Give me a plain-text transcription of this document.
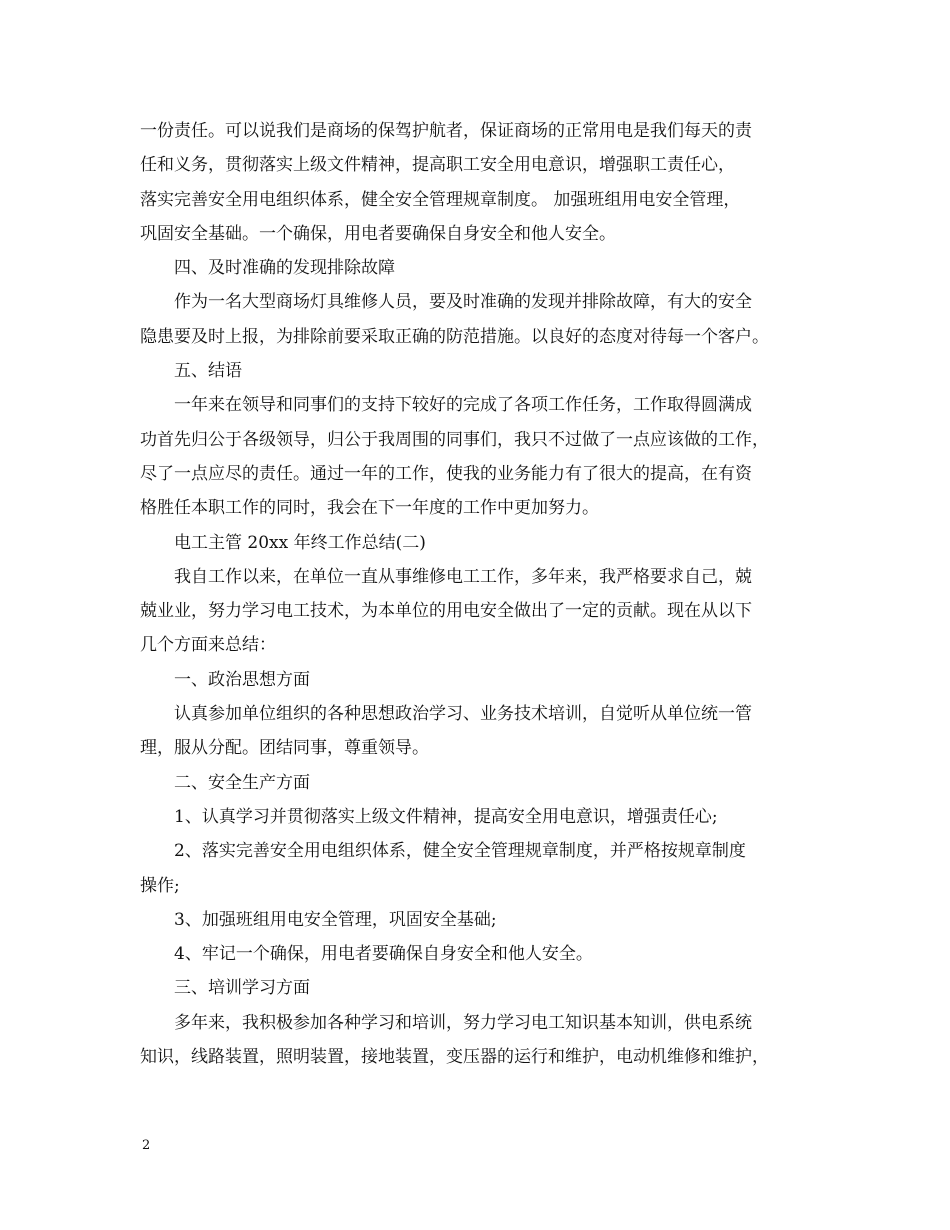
一份责任。可以说我们是商场的保驾护航者，保证商场的正常用电是我们每天的责
任和义务，贯彻落实上级文件精神，提高职工安全用电意识，增强职工责任心，
落实完善安全用电组织体系，健全安全管理规章制度。 加强班组用电安全管理，
巩固安全基础。一个确保，用电者要确保自身安全和他人安全。
四、及时准确的发现排除故障
作为一名大型商场灯具维修人员，要及时准确的发现并排除故障，有大的安全
隐患要及时上报，为排除前要采取正确的防范措施。以良好的态度对待每一个客户。
五、结语
一年来在领导和同事们的支持下较好的完成了各项工作任务，工作取得圆满成
功首先归公于各级领导，归公于我周围的同事们，我只不过做了一点应该做的工作，
尽了一点应尽的责任。通过一年的工作，使我的业务能力有了很大的提高，在有资
格胜任本职工作的同时，我会在下一年度的工作中更加努力。
电工主管 20xx 年终工作总结(二)
我自工作以来，在单位一直从事维修电工工作，多年来，我严格要求自己，兢
兢业业，努力学习电工技术，为本单位的用电安全做出了一定的贡献。现在从以下
几个方面来总结：
一、政治思想方面
认真参加单位组织的各种思想政治学习、业务技术培训，自觉听从单位统一管
理，服从分配。团结同事，尊重领导。
二、安全生产方面
1、认真学习并贯彻落实上级文件精神，提高安全用电意识，增强责任心;
2、落实完善安全用电组织体系，健全安全管理规章制度，并严格按规章制度
操作;
3、加强班组用电安全管理，巩固安全基础;
4、牢记一个确保，用电者要确保自身安全和他人安全。
三、培训学习方面
多年来，我积极参加各种学习和培训，努力学习电工知识基本知训，供电系统
知识，线路装置，照明装置，接地装置，变压器的运行和维护，电动机维修和维护，
2
